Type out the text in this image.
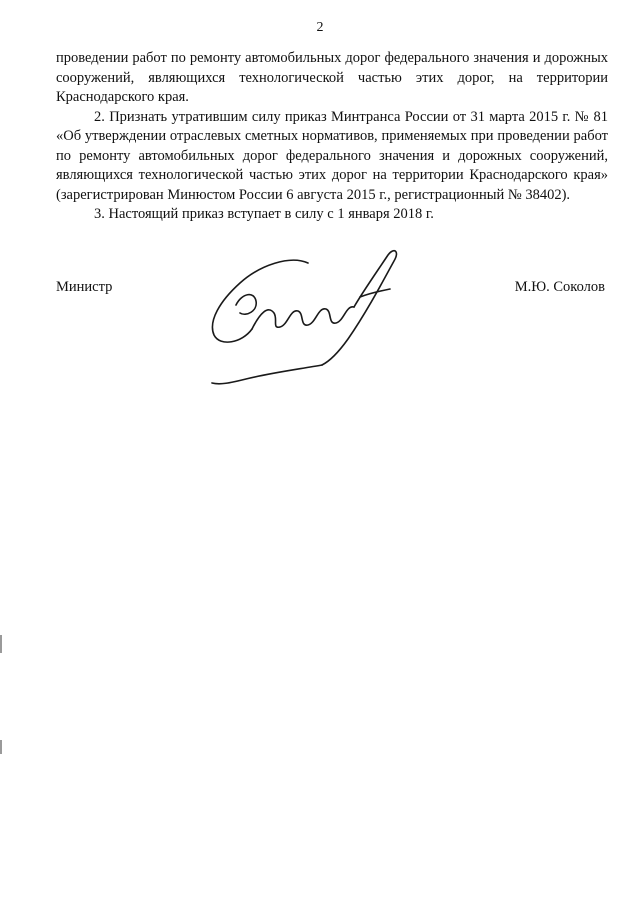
2

проведении работ по ремонту автомобильных дорог федерального значения и дорожных сооружений, являющихся технологической частью этих дорог, на территории Краснодарского края.

2. Признать утратившим силу приказ Минтранса России от 31 марта 2015 г. № 81 «Об утверждении отраслевых сметных нормативов, применяемых при проведении работ по ремонту автомобильных дорог федерального значения и дорожных сооружений, являющихся технологической частью этих дорог на территории Краснодарского края» (зарегистрирован Минюстом России 6 августа 2015 г., регистрационный № 38402).

3. Настоящий приказ вступает в силу с 1 января 2018 г.

Министр	М.Ю. Соколов
